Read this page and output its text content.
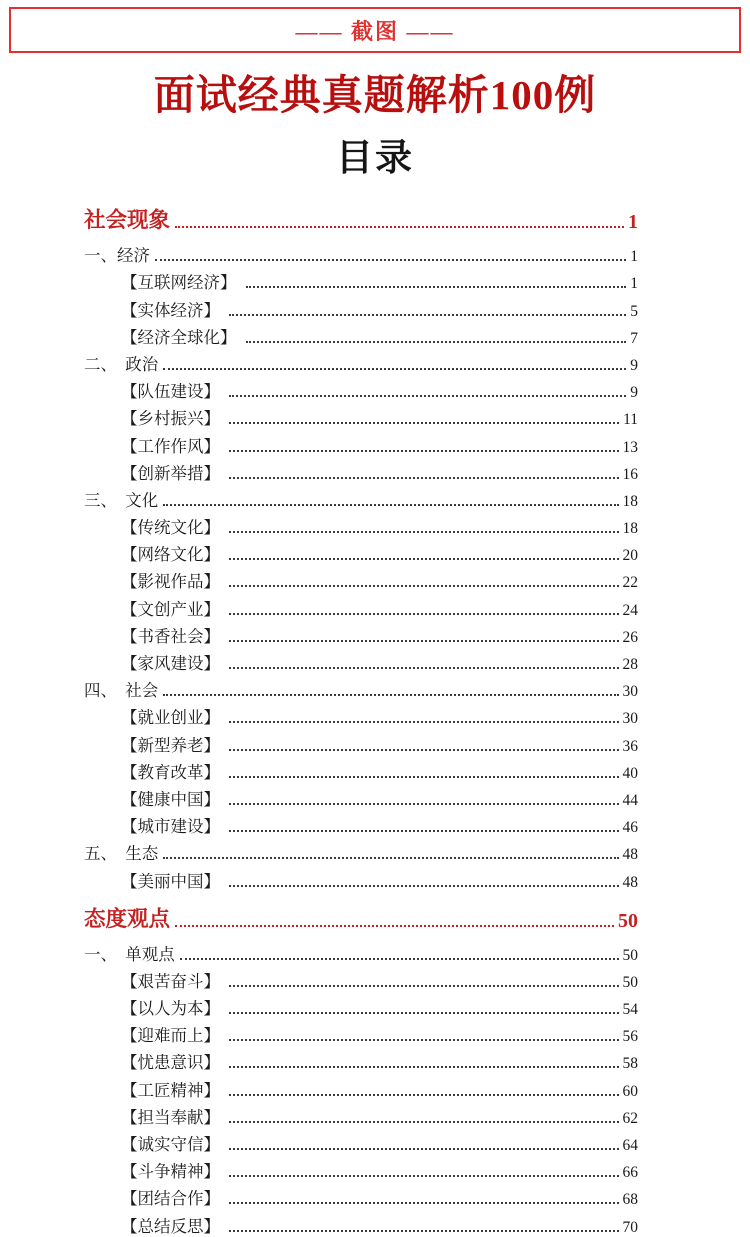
—— 截图 ——
面试经典真题解析100例
目录
社会现象	1
一、经济	1
【互联网经济】	1
【实体经济】	5
【经济全球化】	7
二、  政治	9
【队伍建设】	9
【乡村振兴】	11
【工作作风】	13
【创新举措】	16
三、  文化	18
【传统文化】	18
【网络文化】	20
【影视作品】	22
【文创产业】	24
【书香社会】	26
【家风建设】	28
四、  社会	30
【就业创业】	30
【新型养老】	36
【教育改革】	40
【健康中国】	44
【城市建设】	46
五、  生态	48
【美丽中国】	48
态度观点	50
一、  单观点	50
【艰苦奋斗】	50
【以人为本】	54
【迎难而上】	56
【忧患意识】	58
【工匠精神】	60
【担当奉献】	62
【诚实守信】	64
【斗争精神】	66
【团结合作】	68
【总结反思】	70
